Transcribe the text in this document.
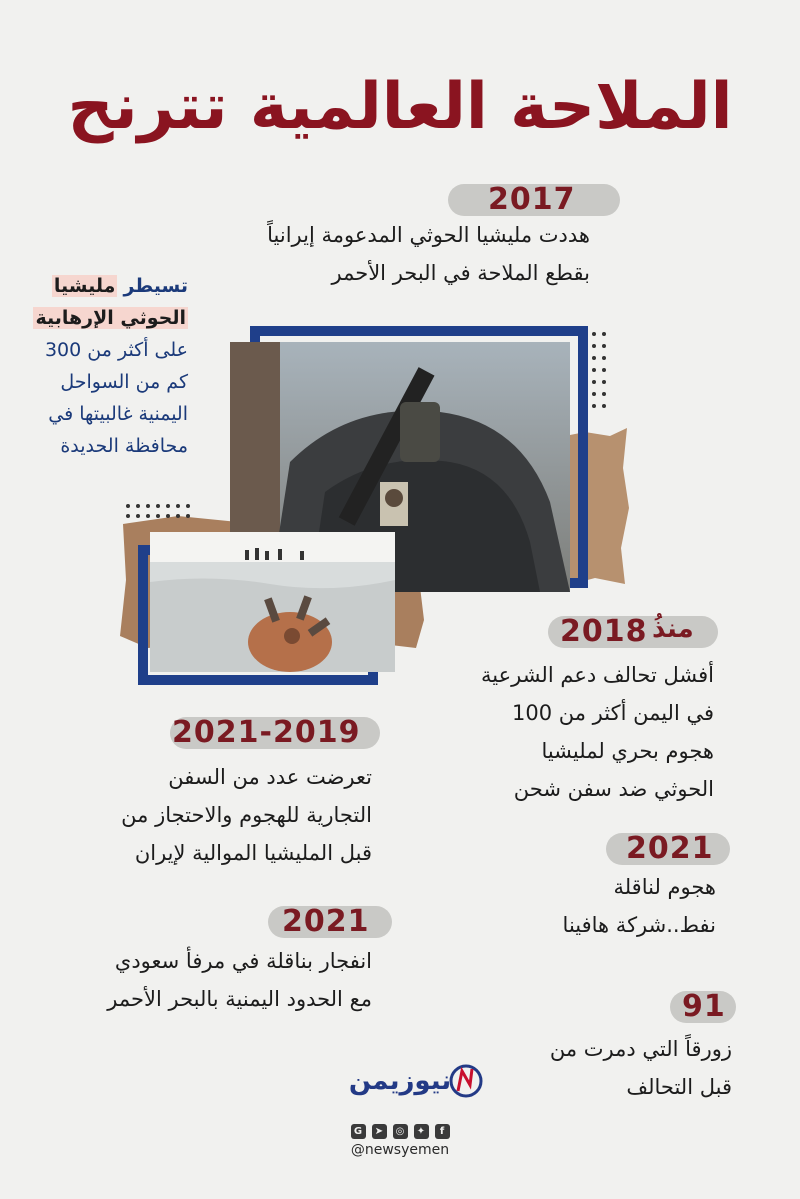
الملاحة العالمية تترنح
2017
هددت مليشيا الحوثي المدعومة إيرانياً
بقطع الملاحة في البحر الأحمر
تسيطر مليشيا
الحوثي الإرهابية
على أكثر من 300
كم من السواحل
اليمنية غالبيتها في
محافظة الحديدة
2018 منذُ
أفشل تحالف دعم الشرعية
في اليمن أكثر من 100
هجوم بحري لمليشيا
الحوثي ضد سفن شحن
2021-2019
تعرضت عدد من السفن
التجارية للهجوم والاحتجاز من
قبل المليشيا الموالية لإيران	2021
هجوم لناقلة
نفط..شركة هافينا
2021
انفجار بناقلة في مرفأ سعودي
مع الحدود اليمنية بالبحر الأحمر	91
زورقاً التي دمرت من
قبل التحالف
نيوزيمن
G	➤	◎	✦	f
@newsyemen
